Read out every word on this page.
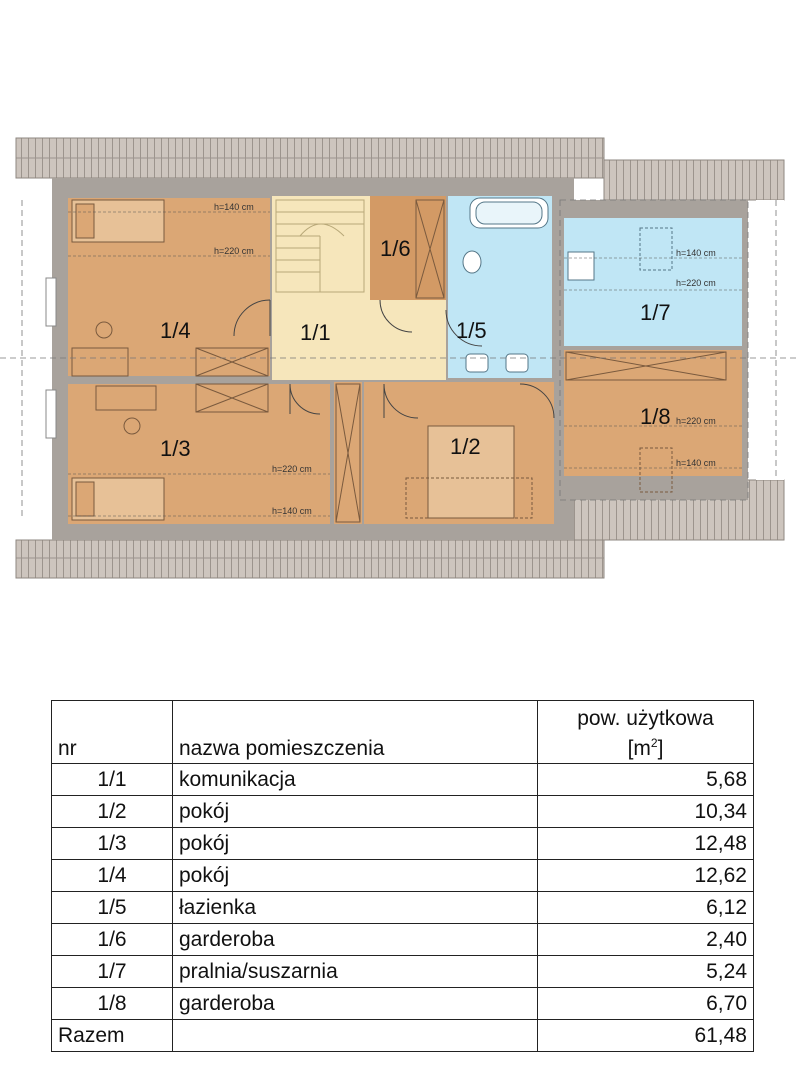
1/4	1/1
1/6
1/5
1/7
1/8
1/3	1/2
h=140 cm
h=220 cm
h=220 cm
h=140 cm
h=140 cm
h=220 cm
h=220 cm
h=140 cm
nr	nazwa pomieszczenia	pow. użytkowa
$[m^2]$
1/1	komunikacja	5,68
1/2	pokój	10,34
1/3	pokój	12,48
1/4	pokój	12,62
1/5	łazienka	6,12
1/6	garderoba	2,40
1/7	pralnia/suszarnia	5,24
1/8	garderoba	6,70
Razem		61,48
